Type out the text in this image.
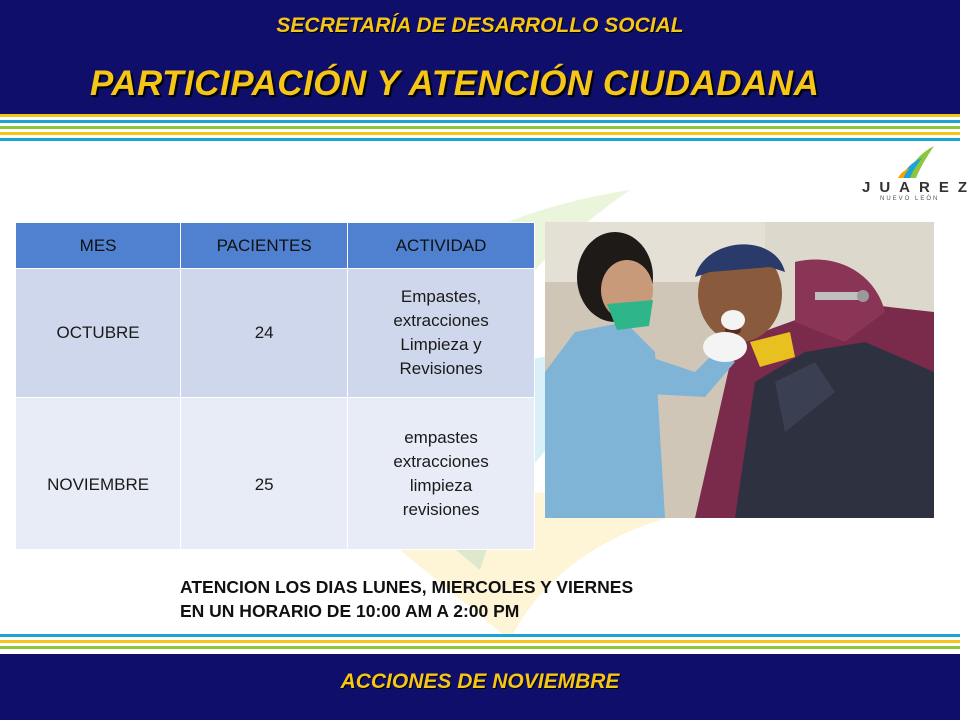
SECRETARÍA DE DESARROLLO SOCIAL
PARTICIPACIÓN Y ATENCIÓN CIUDADANA
JUAREZ
NUEVO LEÓN
MES	PACIENTES	ACTIVIDAD
OCTUBRE	24	Empastes,
extracciones
Limpieza y
Revisiones

NOVIEMBRE	25	empastes
extracciones
limpieza
revisiones
ATENCION LOS DIAS LUNES, MIERCOLES Y VIERNES
EN UN HORARIO DE 10:00 AM A 2:00 PM
ACCIONES DE NOVIEMBRE
